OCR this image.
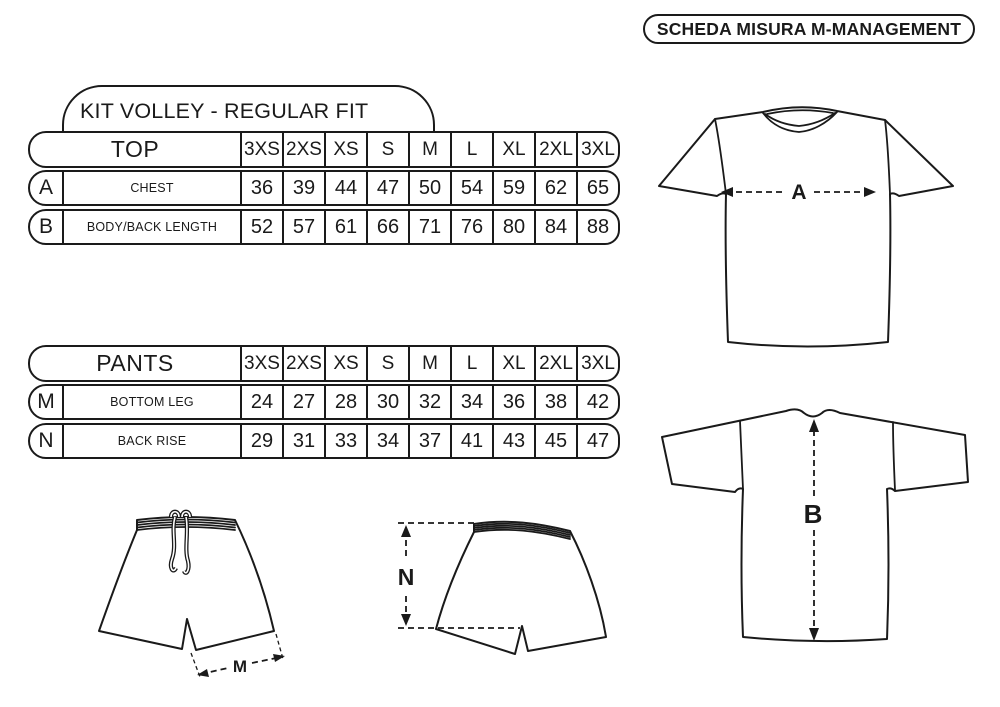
SCHEDA MISURA M-MANAGEMENT
KIT VOLLEY - REGULAR FIT
TOP	3XS 2XS XS	S	M	L	XL 2XL 3XL
A	CHEST	36 39 44 47 50 54 59 62 65
B	BODY/BACK LENGTH	52 57 61 66 71 76 80 84 88
PANTS	3XS 2XS XS	S	M	L	XL 2XL 3XL
M	BOTTOM LEG	24 27 28 30 32 34 36 38 42
N	BACK RISE	29 31 33 34 37 41 43 45 47
A
B
M
N
